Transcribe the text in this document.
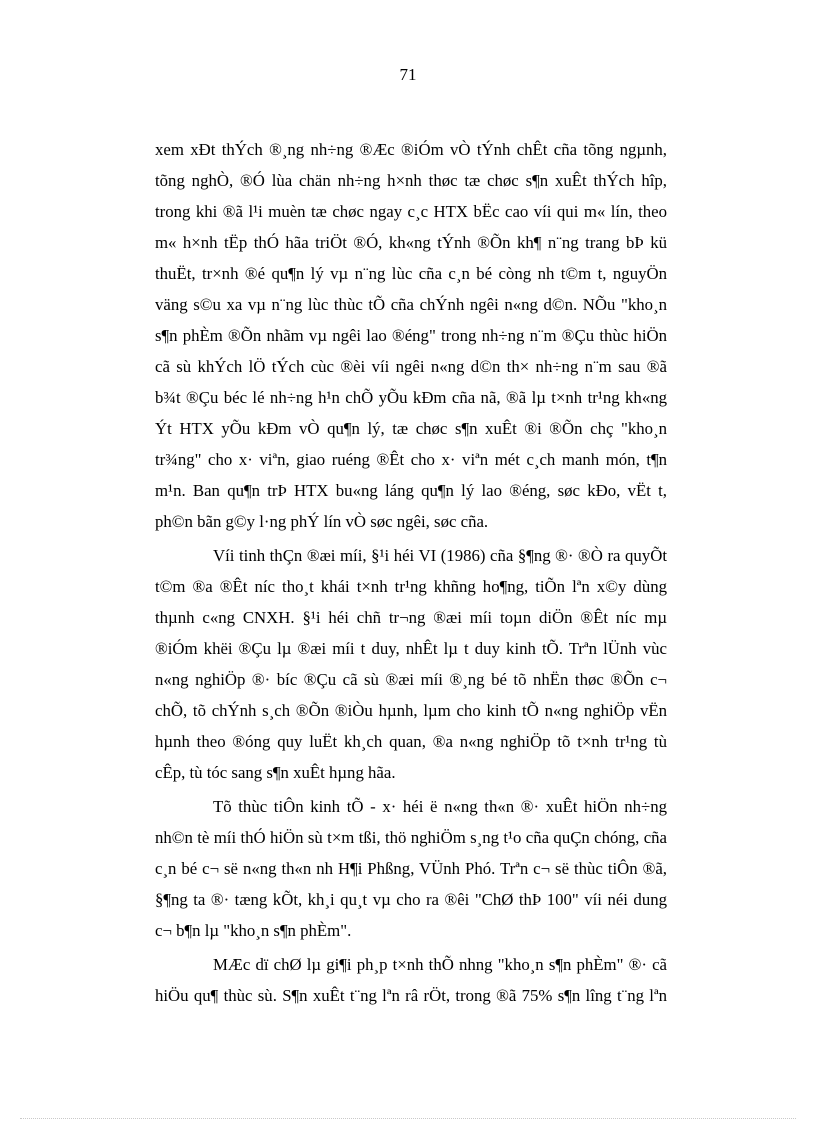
71

xem xÐt thÝch ®¸ng nh÷ng ®Æc ®iÓm vÒ tÝnh chÊt cña tõng ngµnh,
tõng nghÒ, ®Ó lùa chän nh÷ng h×nh thøc tæ chøc s¶n xuÊt thÝch hîp,
trong khi ®ã l¹i muèn tæ chøc ngay c¸c HTX bËc cao víi qui m« lín, theo
m« h×nh tËp thÓ hãa triÖt ®Ó, kh«ng tÝnh ®Õn kh¶ n¨ng trang bÞ kü
thuËt, tr×nh ®é qu¶n lý vµ n¨ng lùc cña c¸n bé còng nh t©m t, nguyÖn
väng s©u xa vµ n¨ng lùc thùc tÕ cña chÝnh ngêi n«ng d©n. NÕu "kho¸n
s¶n phÈm ®Õn nhãm vµ ngêi lao ®éng" trong nh÷ng n¨m ®Çu thùc hiÖn
cã sù khÝch lÖ tÝch cùc ®èi víi ngêi n«ng d©n th× nh÷ng n¨m sau ®ã
b¾t ®Çu béc lé nh÷ng h¹n chÕ yÕu kÐm cña nã, ®ã lµ t×nh tr¹ng kh«ng
Ýt HTX yÕu kÐm vÒ qu¶n lý, tæ chøc s¶n xuÊt ®i ®Õn chç "kho¸n
tr¾ng" cho x· viªn, giao ruéng ®Êt cho x· viªn mét c¸ch manh món, t¶n
m¹n. Ban qu¶n trÞ HTX bu«ng láng qu¶n lý lao ®éng, søc kÐo, vËt t,
ph©n bãn g©y l·ng phÝ lín vÒ søc ngêi, søc cña.

Víi tinh thÇn ®æi míi, §¹i héi VI (1986) cña §¶ng ®· ®Ò ra quyÕt
t©m ®a ®Êt níc tho¸t khái t×nh tr¹ng khñng ho¶ng, tiÕn lªn x©y dùng
thµnh c«ng CNXH. §¹i héi chñ tr¬ng ®æi míi toµn diÖn ®Êt níc mµ
®iÓm khëi ®Çu lµ ®æi míi t duy, nhÊt lµ t duy kinh tÕ. Trªn lÜnh vùc
n«ng nghiÖp ®· bíc ®Çu cã sù ®æi míi ®¸ng bé tõ nhËn thøc ®Õn c¬
chÕ, tõ chÝnh s¸ch ®Õn ®iÒu hµnh, lµm cho kinh tÕ n«ng nghiÖp vËn
hµnh theo ®óng quy luËt kh¸ch quan, ®a n«ng nghiÖp tõ t×nh tr¹ng tù
cÊp, tù tóc sang s¶n xuÊt hµng hãa.

Tõ thùc tiÔn kinh tÕ - x· héi ë n«ng th«n ®· xuÊt hiÖn nh÷ng
nh©n tè míi thÓ hiÖn sù t×m tßi, thö nghiÖm s¸ng t¹o cña quÇn chóng, cña
c¸n bé c¬ së n«ng th«n nh H¶i Phßng, VÜnh Phó. Trªn c¬ së thùc tiÔn ®ã,
§¶ng ta ®· tæng kÕt, kh¸i qu¸t vµ cho ra ®êi "ChØ thÞ 100" víi néi dung
c¬ b¶n lµ "kho¸n s¶n phÈm".

MÆc dï chØ lµ gi¶i ph¸p t×nh thÕ nhng "kho¸n s¶n phÈm" ®· cã
hiÖu qu¶ thùc sù. S¶n xuÊt t¨ng lªn râ rÖt, trong ®ã 75% s¶n lîng t¨ng lªn
